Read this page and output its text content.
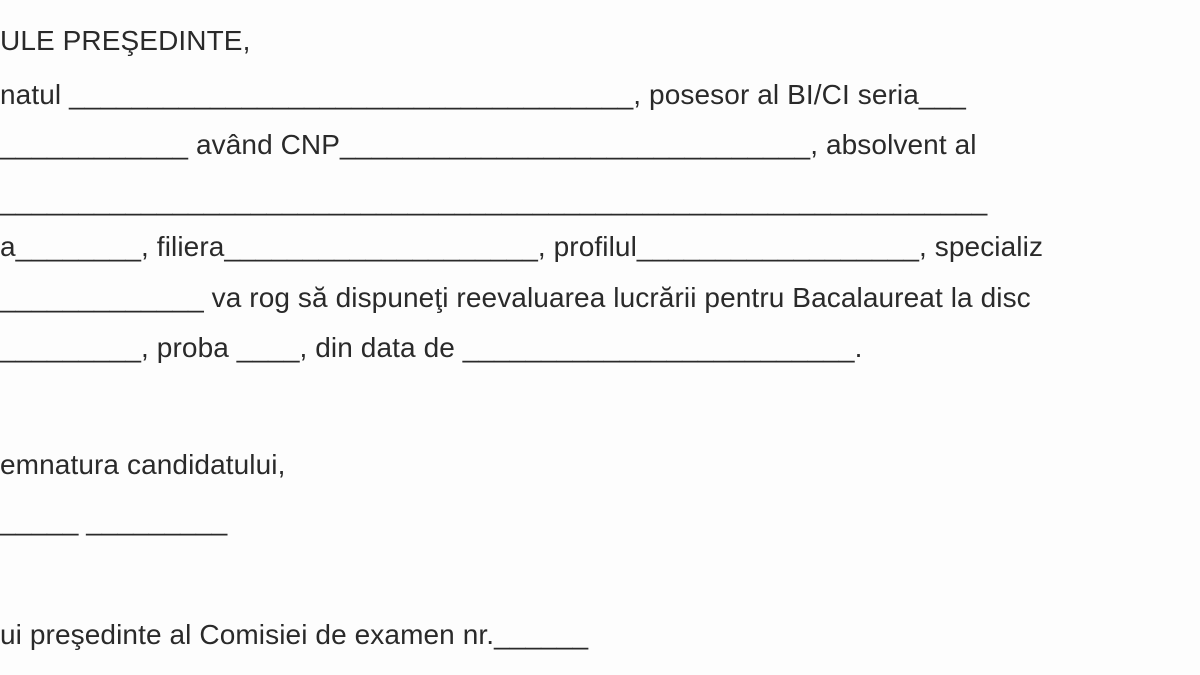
ULE PREŞEDINTE,
natul ____________________________________, posesor al BI/CI seria___
____________ având CNP______________________________, absolvent al
_______________________________________________________________
a________, filiera____________________, profilul__________________, specializ
_____________ va rog să dispuneţi reevaluarea lucrării pentru Bacalaureat la disc
_________, proba ____, din data de _________________________.
emnatura candidatului,
_____ _________
ui preşedinte al Comisiei de examen nr.______
